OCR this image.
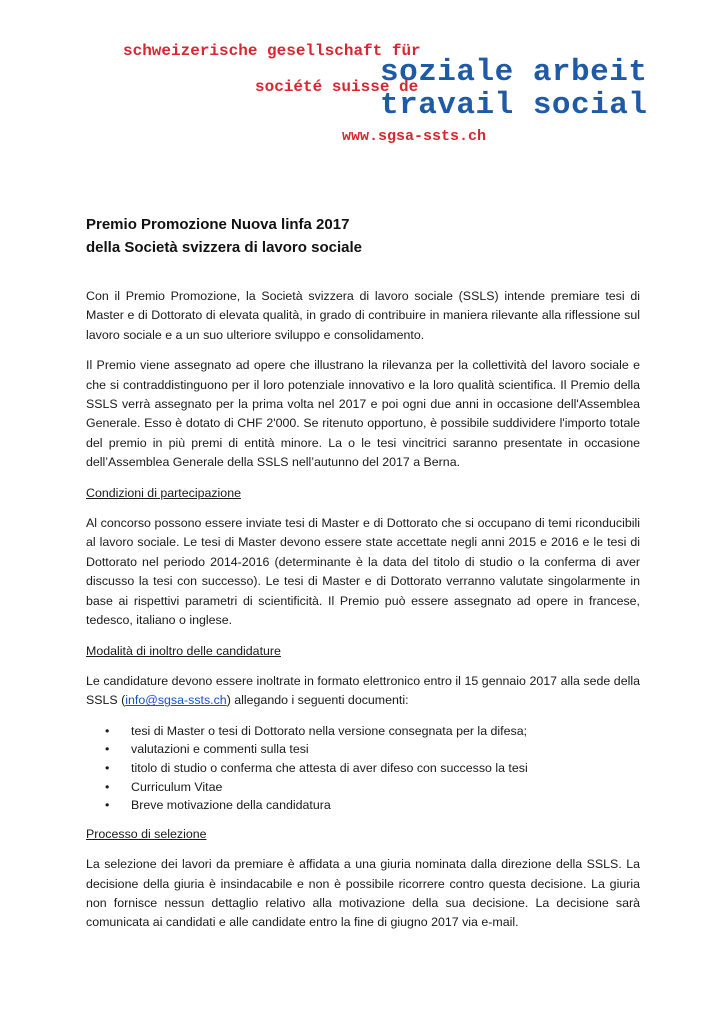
schweizerische gesellschaft für
soziale arbeit
société suisse de
travail social
www.sgsa-ssts.ch
Premio Promozione Nuova linfa 2017
della Società svizzera di lavoro sociale

Con il Premio Promozione, la Società svizzera di lavoro sociale (SSLS) intende premiare tesi di Master e di Dottorato di elevata qualità, in grado di contribuire in maniera rilevante alla riflessione sul lavoro sociale e a un suo ulteriore sviluppo e consolidamento.

Il Premio viene assegnato ad opere che illustrano la rilevanza per la collettività del lavoro sociale e che si contraddistinguono per il loro potenziale innovativo e la loro qualità scientifica. Il Premio della SSLS verrà assegnato per la prima volta nel 2017 e poi ogni due anni in occasione dell'Assemblea Generale. Esso è dotato di CHF 2'000. Se ritenuto opportuno, è possibile suddividere l'importo totale del premio in più premi di entità minore. La o le tesi vincitrici saranno presentate in occasione dell’Assemblea Generale della SSLS nell’autunno del 2017 a Berna.

Condizioni di partecipazione

Al concorso possono essere inviate tesi di Master e di Dottorato che si occupano di temi riconducibili al lavoro sociale. Le tesi di Master devono essere state accettate negli anni 2015 e 2016 e le tesi di Dottorato nel periodo 2014-2016 (determinante è la data del titolo di studio o la conferma di aver discusso la tesi con successo). Le tesi di Master e di Dottorato verranno valutate singolarmente in base ai rispettivi parametri di scientificità. Il Premio può essere assegnato ad opere in francese, tedesco, italiano o inglese.

Modalità di inoltro delle candidature

Le candidature devono essere inoltrate in formato elettronico entro il 15 gennaio 2017 alla sede della SSLS (info@sgsa-ssts.ch) allegando i seguenti documenti:

• tesi di Master o tesi di Dottorato nella versione consegnata per la difesa;
• valutazioni e commenti sulla tesi
• titolo di studio o conferma che attesta di aver difeso con successo la tesi
• Curriculum Vitae
• Breve motivazione della candidatura
Processo di selezione

La selezione dei lavori da premiare è affidata a una giuria nominata dalla direzione della SSLS. La decisione della giuria è insindacabile e non è possibile ricorrere contro questa decisione. La giuria non fornisce nessun dettaglio relativo alla motivazione della sua decisione. La decisione sarà comunicata ai candidati e alle candidate entro la fine di giugno 2017 via e-mail.
